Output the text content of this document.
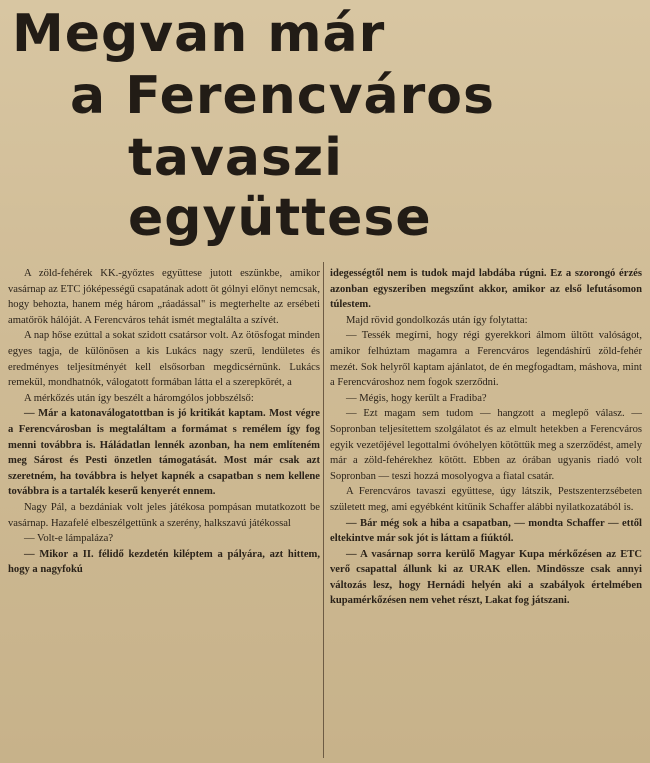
Megvan már
a Ferencváros
tavaszi
együttese

A zöld-fehérek KK.-győztes együttese jutott eszünkbe, amikor vasárnap az ETC jóképességű csapatának adott öt gólnyi előnyt nemcsak, hogy behozta, hanem még három „ráadással" is megterhelte az ersébeti amatőrök hálóját. A Ferencváros tehát ismét megtalálta a szívét.

A nap hőse ezúttal a sokat szidott csatársor volt. Az ötösfogat minden egyes tagja, de különösen a kis Lukács nagy szerű, lendületes és eredményes teljesítményét kell elsősorban megdicsérnünk. Lukács remekül, mondhatnók, válogatott formában látta el a szerepkörét, a

A mérkőzés után így beszélt a háromgólos jobbszélső:

— Már a katonaválogatottban is jó kritikát kaptam. Most végre a Ferencvárosban is megtaláltam a formámat s remélem így fog menni továbbra is. Háládatlan lennék azonban, ha nem említeném meg Sárost és Pesti önzetlen támogatását. Most már csak azt szeretném, ha továbbra is helyet kapnék a csapatban s nem kellene továbbra is a tartalék keserű kenyerét ennem.

Nagy Pál, a bezdániak volt jeles játékosa pompásan mutatkozott be vasárnap. Hazafelé elbeszélgettünk a szerény, halkszavú játékossal

— Volt-e lámpaláza?

— Mikor a II. félidő kezdetén kiléptem a pályára, azt hittem, hogy a nagyfokú

idegességtől nem is tudok majd labdába rúgni. Ez a szorongó érzés azonban egyszeriben megszűnt akkor, amikor az első lefutásomon túlestem.

Majd rövid gondolkozás után így folytatta:

— Tessék megírni, hogy régi gyerekkori álmom ültött valóságot, amikor felhúztam magamra a Ferencváros legendáshírű zöld-fehér mezét. Sok helyről kaptam ajánlatot, de én megfogadtam, máshova, mint a Ferencvároshoz nem fogok szerződni.

— Mégis, hogy került a Fradiba?

— Ezt magam sem tudom — hangzott a meglepő válasz. — Sopronban teljesítettem szolgálatot és az elmult hetekben a Ferencváros egyik vezetőjével legottalmi óvóhelyen kötöttük meg a szerződést, amely már a zöld-fehérekhez kötött. Ebben az órában ugyanis riadó volt Sopronban — teszi hozzá mosolyogva a fiatal csatár.

A Ferencváros tavaszi együttese, úgy látszik, Pestszenterzsébeten született meg, ami egyébként kitűnik Schaffer alábbi nyilatkozatából is.

— Bár még sok a hiba a csapatban, — mondta Schaffer — ettől eltekintve már sok jót is láttam a fiúktól.

— A vasárnap sorra kerülő Magyar Kupa mérkőzésen az ETC verő csapattal állunk ki az URAK ellen. Mindössze csak annyi változás lesz, hogy Hernádi helyén aki a szabályok értelmében kupamérkőzésen nem vehet részt, Lakat fog játszani.
